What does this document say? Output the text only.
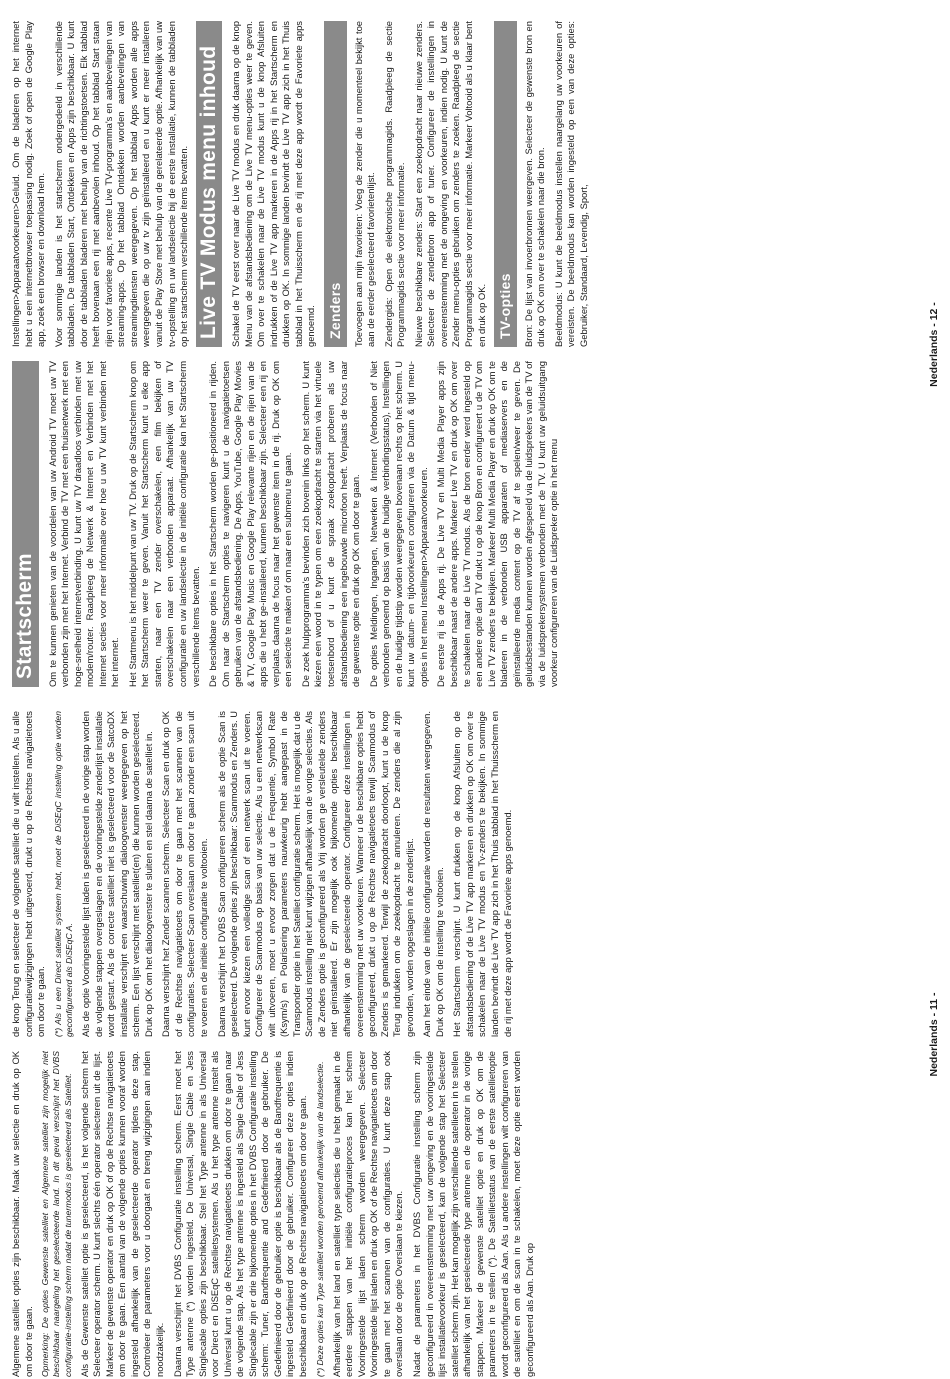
Algemene satelliet opties zijn beschikbaar. Maak uw selectie en druk op OK om door te gaan. Opmerking: De opties Gewenste satelliet en Algemene satelliet zijn mogelijk niet beschikbaar naargeling het geselecteerde land. In dit geval verschijnt het DVBS configuratie-instelling scherm nadat de tunermodus is geselecteerd als Satelliet. Als de Gewenste satelliet optie is geselecteerd, is het volgende scherm het Selecteer operator scherm. U kunt slechts één operator selecteren uit de lijst. Markeer de gewenste operator en druk op OK of op de Rechtse navigatietoets om door te gaan. Een aantal van de volgende opties kunnen vooraf worden ingesteld afhankelijk van de geselecteerde operator tijdens deze stap. Controleer de parameters voor u doorgaat en breng wijzigingen aan indien noodzakelijk. Daarna verschijnt het DVBS Configuratie instelling scherm. Eerst moet het Type antenne (*) worden ingesteld. De Universal, Single Cable en Jess Singlecable opties zijn beschikbaar. Stel het Type antenne in als Universal voor Direct en DiSEqC satellietsystemen. Als u het type antenne instelt als Universal kunt u op de Rechtse navigatietoets drukken om door te gaan naar de volgende stap. Als het type antenne is ingesteld als Single Cable of Jess Singlecable zijn er drie bijkomende opties in het DVBS Configuratie instelling scherm: Tuner, Bandfrequentie and Gedefinieerd door de gebruiker. De Gedefinieerd door de gebruiker optie is beschikbaar als de Bandfrequentie is ingesteld Gedefinieerd door de gebruiker. Configureer deze opties indien beschikbaar en druk op de Rechtse navigatietoets om door te gaan. (*) Deze opties kan Type satelliet worden genoemd afhankelijk van de landselectie. Afhankelijk van het land en satelliet type selecties die u hebt gemaakt in de eerdere stappen van het initiële configuratieproces kan het scherm Vooringestelde lijst laden scherm worden weergegeven. Selecteer Vooringestelde lijst laden en druk op OK of de Rechtse navigatietoets om door te gaan met het scannen van de configuraties. U kunt deze stap ook overslaan door de optie Overslaan te kiezen. Nadat de parameters in het DVBS Configuratie instelling scherm zijn geconfigureerd in overeenstemming met uw omgeving en de vooringestelde lijst installatievoorkeur is geselecteerd, kan de volgende stap het Selecteer satelliet scherm zijn. Het kan mogelijk zijn verschillende satellieten in te stellen afhankelijk van het geselecteerde type antenne en de operator in de vorige stappen. Markeer de gewenste satelliet optie en druk op OK om de parameters in te stellen (*). De Satellietstatus van de eerste satellietoptie wordt geconfigureerd als Aan. Als u andere instellingen wilt configureren van de satelliet en om de scan in te schakelen, moet deze optie eerst worden geconfigureerd als Aan. Druk op

de knop Terug en selecteer de volgende satelliet die u wilt instellen. Als u alle configuratiewijzigingen hebt uitgevoerd, drukt u op de Rechtse navigatietoets om door te gaan. (*) Als u een Direct satelliet systeem hebt, moet de DiSEqC instelling optie worden geconfigureerd als DiSEqC A. Als de optie Vooringestelde lijst laden is geselecteerd in de vorige stap worden de volgende stappen overgeslagen en de vooringestelde zenderlijst installatie wordt gestart. Als de correcte satelliet niet is geselecteerd voor de SatcoDX installatie verschijnt een waarschuwing dialoogvenster weergegeven op het scherm. Een lijst verschijnt met satelliet(en) die kunnen worden geselecteerd. Druk op OK om het dialoogvenster te sluiten en stel daarna de satelliet in. Daarna verschijnt het Zender scannen scherm. Selecteer Scan en druk op OK of de Rechtse navigatietoets om door te gaan met het scannen van de configuraties. Selecteer Scan overslaan om door te gaan zonder een scan uit te voeren en de initiële configuratie te voltooien. Daarna verschijnt het DVBS Scan configureren scherm als de optie Scan is geselecteerd. De volgende opties zijn beschikbaar: Scanmodus en Zenders. U kunt ervoor kiezen een volledige scan of een netwerk scan uit te voeren. Configureer de Scanmodus op basis van uw selectie. Als u een netwerkscan wilt uitvoeren, moet u ervoor zorgen dat u de Frequentie, Symbol Rate (Ksym/s) en Polarisering parameters nauwkeurig hebt aangepast in de Transponder optie in het Satelliet configuratie scherm. Het is mogelijk dat u de Scanmodus instelling niet kunt wijzigen afhankelijk van de vorige selecties. Als de Zenders optie is geconfigureerd als Vrij worden ge versleutelde zenders niet geïnstalleerd. Er zijn mogelijk ook bijkomende opties beschikbaar afhankelijk van de geselecteerde operator. Configureer deze instellingen in overeenstemming met uw voorkeuren. Wanneer u de beschikbare opties hebt geconfigureerd, drukt u op de Rechtse navigatietoets terwijl Scanmodus of Zenders is gemarkeerd. Terwijl de zoekopdracht doorloopt, kunt u de knop Terug indrukken om de zoekopdracht te annuleren. De zenders die al zijn gevonden, worden opgeslagen in de zenderlijst. Aan het einde van de initiële configuratie worden de resultaten weergegeven. Druk op OK om de instelling te voltooien. Het Startscherm verschijnt. U kunt drukken op de knop Afsluiten op de afstandsbediening of de Live TV app markeren en drukken op OK om over te schakelen naar de Live TV modus en Tv-zenders te bekijken. In sommige landen bevindt de Live TV app zich in het Thuis tabblad in het Thuisscherm en de rij met deze app wordt de Favoriete apps genoemd.	Nederlands - 11 -
Startscherm Om te kunnen genieten van de voordelen van uw Android TV moet uw TV verbonden zijn met het Internet. Verbind de TV met een thuisnetwerk met een hoge-snelheid internetverbinding. U kunt uw TV draadloos verbinden met uw modem/router. Raadpleeg de Netwerk & Internet en Verbinden met het Internet secties voor meer informatie over hoe u uw TV kunt verbinden met het internet. Het Startmenu is het middelpunt van uw TV. Druk op de Startscherm knop om het Startscherm weer te geven. Vanuit het Startscherm kunt u elke app starten, naar een TV zender overschakelen, een film bekijken of overschakelen naar een verbonden apparaat. Afhankelijk van uw TV configuratie en uw landselectie in de initiële configuratie kan het Startscherm verschillende items bevatten. De beschikbare opties in het Startscherm worden ge-positioneerd in rijden. Om naar de Startscherm opties te navigeren kunt u de navigatietoetsen gebruiken van de afstandsbediening. De Apps, YouTube, Google Play Movies & TV, Google Play Music en Google Play relevante rijen en de rijen van de apps die u hebt ge-installeerd, kunnen beschikbaar zijn. Selecteer een rij en verplaats daarna de focus naar het gewenste item in de rij. Druk op OK om een selectie te maken of om naar een submenu te gaan. De zoek hulpprogramma's bevinden zich bovenin links op het scherm. U kunt kiezen een woord in te typen om een zoekopdracht te starten via het virtuele toetsenbord of u kunt de spraak zoekopdracht proberen als uw afstandsbediening een ingebouwde microfoon heeft. Verplaats de focus naar de gewenste optie en druk op OK om door te gaan. De opties Meldingen, Ingangen, Netwerken & Internet (Verbonden of Niet verbonden genoemd op basis van de huidige verbindingsstatus), Instellingen en de huidige tijdstip worden weergegeven bovenaan rechts op het scherm. U kunt uw datum- en tijdvoorkeuren configureren via de Datum & tijd menu-opties in het menu Instellingen>Apparaatvoorkeuren. De eerste rij is de Apps rij. De Live TV en Multi Media Player apps zijn beschikbaar naast de andere apps. Markeer Live TV en druk op OK om over te schakelen naar de Live TV modus. Als de bron eerder werd ingesteld op een andere optie dan TV drukt u op de knop Bron en configureert u de TV om Live TV zenders te bekijken. Markeer Multi Media Player en druk op OK om te bladeren in de verbonden USB apparaten of mediaservers en de geïnstalleerde media content op de TV af te spelen/weer te geven. De geluidsbestanden kunnen worden afgespeeld via de luidsprekers van de TV of via de luidsprekersystemen verbonden met de TV. U kunt uw geluidsuitgang voorkeur configureren van de Luidspreker optie in het menu

Instellingen>Apparaatvoorkeuren>Geluid. Om de bladeren op het internet hebt u een internetbrowser toepassing nodig. Zoek of open de Google Play app, zoek een browser en download hem. Voor sommige landen is het startscherm ondergedeeld in verschillende tabbladen. De tabbladen Start, Ontdekken en Apps zijn beschikbaar. U kunt door de tabbladen bladeren met behulp van de richtingstoetsen. Elk tabblad heeft bovenaan een rij met aanbevolen inhoud. Op het tabblad Start staan rijen voor favoriete apps, recente Live TV-programma's en aanbevelingen van streaming-apps. Op het tabblad Ontdekken worden aanbevelingen van streamingdiensten weergegeven. Op het tabblad Apps worden alle apps weergegeven die op uw tv zijn geïnstalleerd en u kunt er meer installeren vanuit de Play Store met behulp van de gerelateerde optie. Afhankelijk van uw tv-opstelling en uw landselectie bij de eerste installatie, kunnen de tabbladen op het startscherm verschillende items bevatten. Live TV Modus menu inhoud Schakel de TV eerst over naar de Live TV modus en druk daarna op de knop Menu van de afstandsbediening om de Live TV menu-opties weer te geven. Om over te schakelen naar de Live TV modus kunt u de knop Afsluiten indrukken of de Live TV app markeren in de Apps rij in het Startscherm en drukken op OK. In sommige landen bevindt de Live TV app zich in het Thuis tabblad in het Thuisscherm en de rij met deze app wordt de Favoriete apps genoemd. Zenders	Toevoegen aan mijn favorieten: Voeg de zender die u momenteel bekijkt toe aan de eerder geselecteerd favorietenlijst. Zendergids: Open de elektronische programmagids. Raadpleeg de sectie Programmagids sectie voor meer informatie. Nieuwe beschikbare zenders: Start een zoekopdracht naar nieuwe zenders. Selecteer de zenderbron app of tuner. Configureer de instellingen in overeenstemming met de omgeving en voorkeuren, indien nodig. U kunt de Zender menu-opties gebruiken om zenders te zoeken. Raadpleeg de sectie Programmagids sectie voor meer informatie. Markeer Voltooid als u klaar bent en druk op OK. TV-opties	Bron: De lijst van invoerbronnen weergeven. Selecteer de gewenste bron en druk op OK om over te schakelen naar die bron. Beeldmodus: U kunt de beeldmodus instellen naargelang uw voorkeuren of vereisten. De beeldmodus kan worden ingesteld op een van deze opties: Gebruiker, Standaard, Levendig, Sport,	Nederlands - 12 -
